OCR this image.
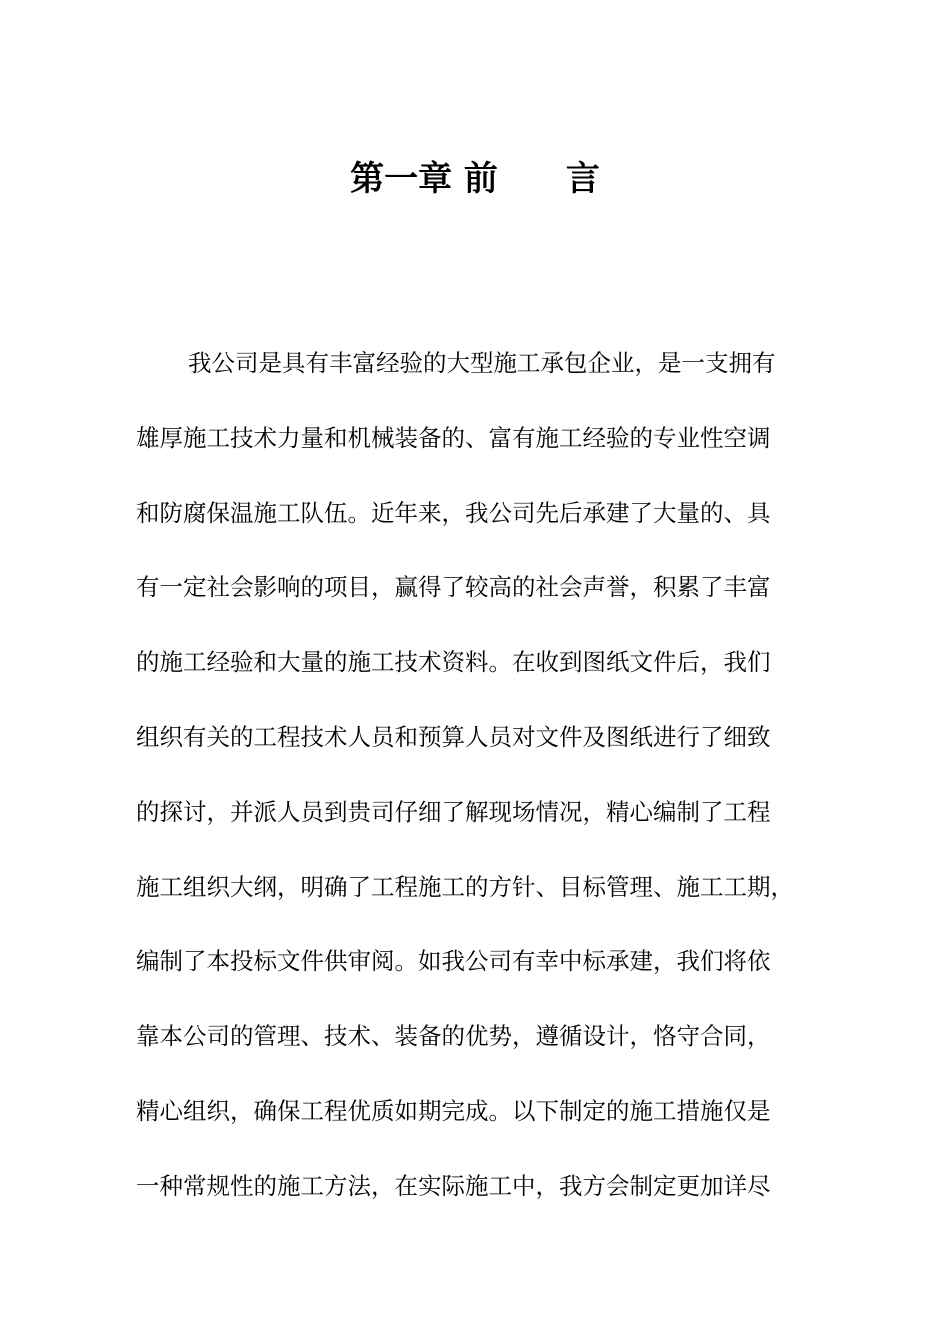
第一章 前　　言
我公司是具有丰富经验的大型施工承包企业，是一支拥有
雄厚施工技术力量和机械装备的、富有施工经验的专业性空调
和防腐保温施工队伍。近年来，我公司先后承建了大量的、具
有一定社会影响的项目，赢得了较高的社会声誉，积累了丰富
的施工经验和大量的施工技术资料。在收到图纸文件后，我们
组织有关的工程技术人员和预算人员对文件及图纸进行了细致
的探讨，并派人员到贵司仔细了解现场情况，精心编制了工程
施工组织大纲，明确了工程施工的方针、目标管理、施工工期，
编制了本投标文件供审阅。如我公司有幸中标承建，我们将依
靠本公司的管理、技术、装备的优势，遵循设计，恪守合同，
精心组织，确保工程优质如期完成。以下制定的施工措施仅是
一种常规性的施工方法，在实际施工中，我方会制定更加详尽
